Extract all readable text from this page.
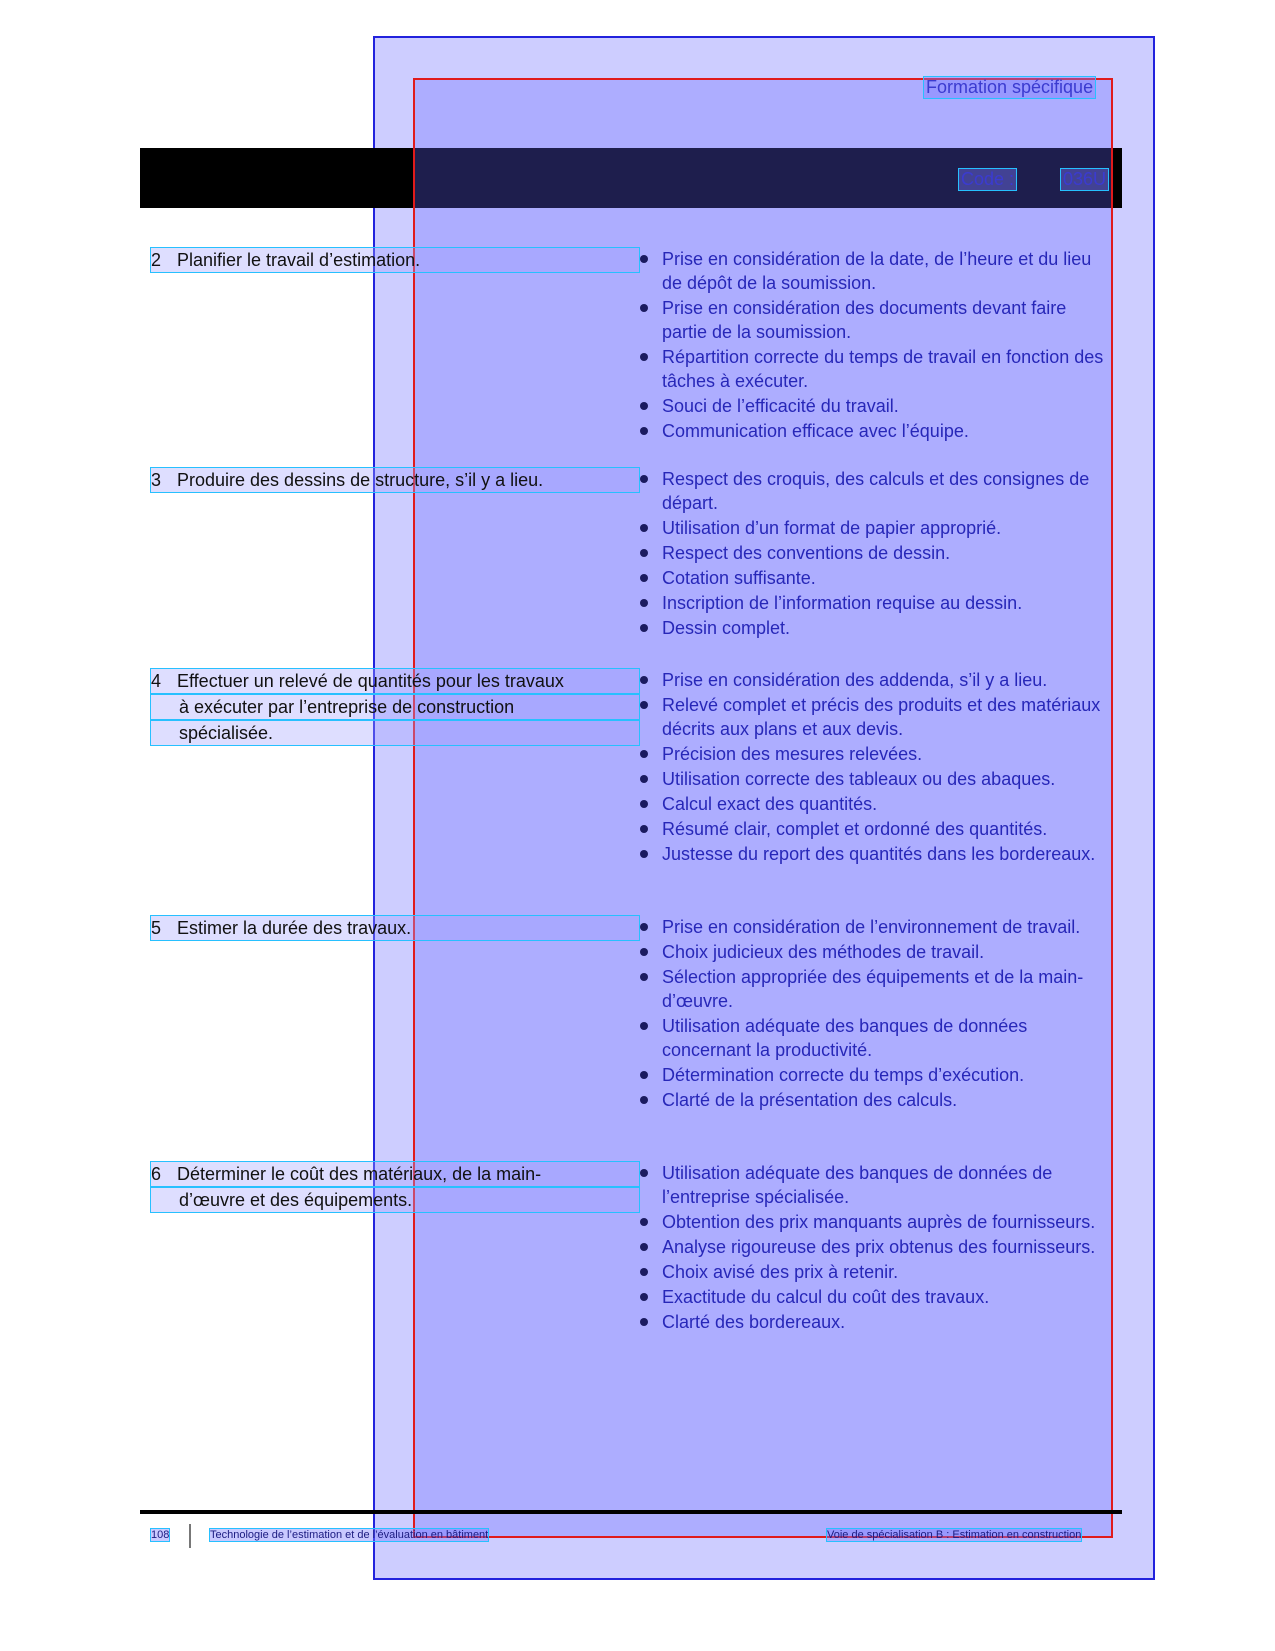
Formation spécifique
Code :	036U
2 Planifier le travail d’estimation.	Prise en considération de la date, de l’heure et du lieu de dépôt de la soumission.
Prise en considération des documents devant faire partie de la soumission.
Répartition correcte du temps de travail en fonction des tâches à exécuter.
Souci de l’efficacité du travail.
Communication efficace avec l’équipe.
3 Produire des dessins de structure, s’il y a lieu.	Respect des croquis, des calculs et des consignes de départ.
Utilisation d’un format de papier approprié.
Respect des conventions de dessin.
Cotation suffisante.
Inscription de l’information requise au dessin.
Dessin complet.
4 Effectuer un relevé de quantités pour les travaux
à exécuter par l’entreprise de construction
spécialisée.
Prise en considération des addenda, s’il y a lieu.
Relevé complet et précis des produits et des matériaux décrits aux plans et aux devis.
Précision des mesures relevées.
Utilisation correcte des tableaux ou des abaques.
Calcul exact des quantités.
Résumé clair, complet et ordonné des quantités.
Justesse du report des quantités dans les bordereaux.
5 Estimer la durée des travaux.	Prise en considération de l’environnement de travail.
Choix judicieux des méthodes de travail.
Sélection appropriée des équipements et de la main-d’œuvre.
Utilisation adéquate des banques de données concernant la productivité.
Détermination correcte du temps d’exécution.
Clarté de la présentation des calculs.
6 Déterminer le coût des matériaux, de la main-
d’œuvre et des équipements.
Utilisation adéquate des banques de données de l’entreprise spécialisée.
Obtention des prix manquants auprès de fournisseurs.
Analyse rigoureuse des prix obtenus des fournisseurs.
Choix avisé des prix à retenir.
Exactitude du calcul du coût des travaux.
Clarté des bordereaux.
108	Technologie de l’estimation et de l’évaluation en bâtiment	Voie de spécialisation B : Estimation en construction
